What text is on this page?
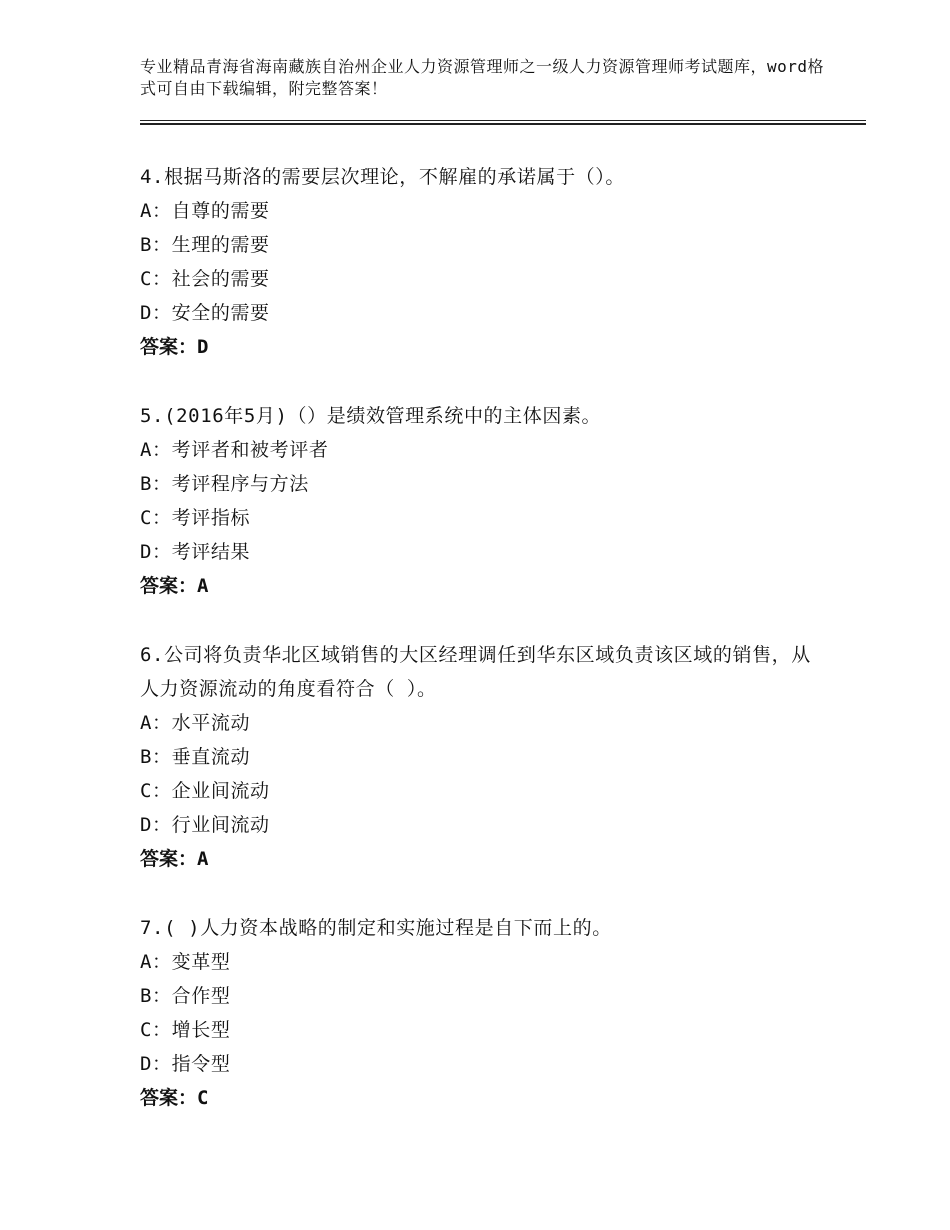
专业精品青海省海南藏族自治州企业人力资源管理师之一级人力资源管理师考试题库，word格式可自由下载编辑，附完整答案！
4.根据马斯洛的需要层次理论，不解雇的承诺属于（）。
A：自尊的需要
B：生理的需要
C：社会的需要
D：安全的需要
答案：D
5.(2016年5月)（）是绩效管理系统中的主体因素。
A：考评者和被考评者
B：考评程序与方法
C：考评指标
D：考评结果
答案：A
6.公司将负责华北区域销售的大区经理调任到华东区域负责该区域的销售，从人力资源流动的角度看符合（ ）。
A：水平流动
B：垂直流动
C：企业间流动
D：行业间流动
答案：A
7.( )人力资本战略的制定和实施过程是自下而上的。
A：变革型
B：合作型
C：增长型
D：指令型
答案：C
